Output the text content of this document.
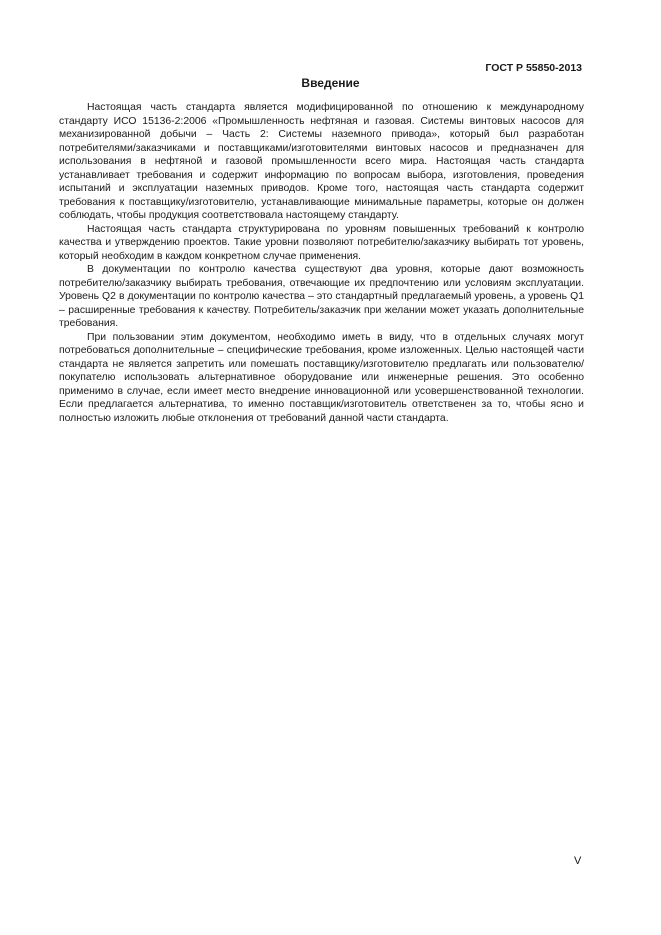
ГОСТ Р 55850-2013
Введение

Настоящая часть стандарта является модифицированной по отношению к международному стандарту ИСО 15136-2:2006 «Промышленность нефтяная и газовая. Системы винтовых насосов для механизированной добычи – Часть 2: Системы наземного привода», который был разработан потребителями/заказчиками и поставщиками/изготовителями винтовых насосов и предназначен для использования в нефтяной и газовой промышленности всего мира. Настоящая часть стандарта устанавливает требования и содержит информацию по вопросам выбора, изготовления, проведения испытаний и эксплуатации наземных приводов. Кроме того, настоящая часть стандарта содержит требования к поставщику/изготовителю, устанавливающие минимальные параметры, которые он должен соблюдать, чтобы продукция соответствовала настоящему стандарту.

Настоящая часть стандарта структурирована по уровням повышенных требований к контролю качества и утверждению проектов. Такие уровни позволяют потребителю/заказчику выбирать тот уровень, который необходим в каждом конкретном случае применения.

В документации по контролю качества существуют два уровня, которые дают возможность потребителю/заказчику выбирать требования, отвечающие их предпочтению или условиям эксплуатации. Уровень Q2 в документации по контролю качества – это стандартный предлагаемый уровень, а уровень Q1 – расширенные требования к качеству. Потребитель/заказчик при желании может указать дополнительные требования.

При пользовании этим документом, необходимо иметь в виду, что в отдельных случаях могут потребоваться дополнительные – специфические требования, кроме изложенных. Целью настоящей части стандарта не является запретить или помешать поставщику/изготовителю предлагать или пользователю/покупателю использовать альтернативное оборудование или инженерные решения. Это особенно применимо в случае, если имеет место внедрение инновационной или усовершенствованной технологии. Если предлагается альтернатива, то именно поставщик/изготовитель ответственен за то, чтобы ясно и полностью изложить любые отклонения от требований данной части стандарта.

V
